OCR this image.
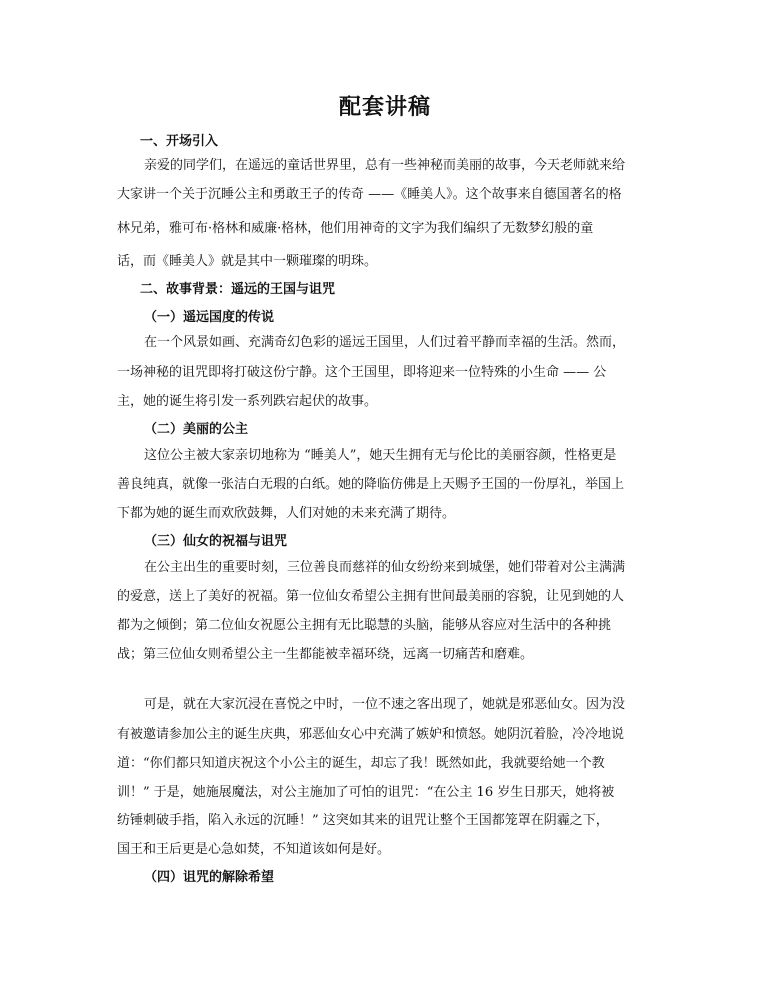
配套讲稿
一、开场引入
亲爱的同学们，在遥远的童话世界里，总有一些神秘而美丽的故事，今天老师就来给
大家讲一个关于沉睡公主和勇敢王子的传奇 ——《睡美人》。这个故事来自德国著名的格
林兄弟，雅可布·格林和威廉·格林，他们用神奇的文字为我们编织了无数梦幻般的童
话，而《睡美人》就是其中一颗璀璨的明珠。
二、故事背景：遥远的王国与诅咒
（一）遥远国度的传说
在一个风景如画、充满奇幻色彩的遥远王国里，人们过着平静而幸福的生活。然而，
一场神秘的诅咒即将打破这份宁静。这个王国里，即将迎来一位特殊的小生命 —— 公
主，她的诞生将引发一系列跌宕起伏的故事。
（二）美丽的公主
这位公主被大家亲切地称为 “睡美人”，她天生拥有无与伦比的美丽容颜，性格更是
善良纯真，就像一张洁白无瑕的白纸。她的降临仿佛是上天赐予王国的一份厚礼，举国上
下都为她的诞生而欢欣鼓舞，人们对她的未来充满了期待。
（三）仙女的祝福与诅咒
在公主出生的重要时刻，三位善良而慈祥的仙女纷纷来到城堡，她们带着对公主满满
的爱意，送上了美好的祝福。第一位仙女希望公主拥有世间最美丽的容貌，让见到她的人
都为之倾倒；第二位仙女祝愿公主拥有无比聪慧的头脑，能够从容应对生活中的各种挑
战；第三位仙女则希望公主一生都能被幸福环绕，远离一切痛苦和磨难。
可是，就在大家沉浸在喜悦之中时，一位不速之客出现了，她就是邪恶仙女。因为没
有被邀请参加公主的诞生庆典，邪恶仙女心中充满了嫉妒和愤怒。她阴沉着脸，冷冷地说
道：“你们都只知道庆祝这个小公主的诞生，却忘了我！既然如此，我就要给她一个教
训！” 于是，她施展魔法，对公主施加了可怕的诅咒：“在公主 16 岁生日那天，她将被
纺锤刺破手指，陷入永远的沉睡！” 这突如其来的诅咒让整个王国都笼罩在阴霾之下，
国王和王后更是心急如焚，不知道该如何是好。
（四）诅咒的解除希望
